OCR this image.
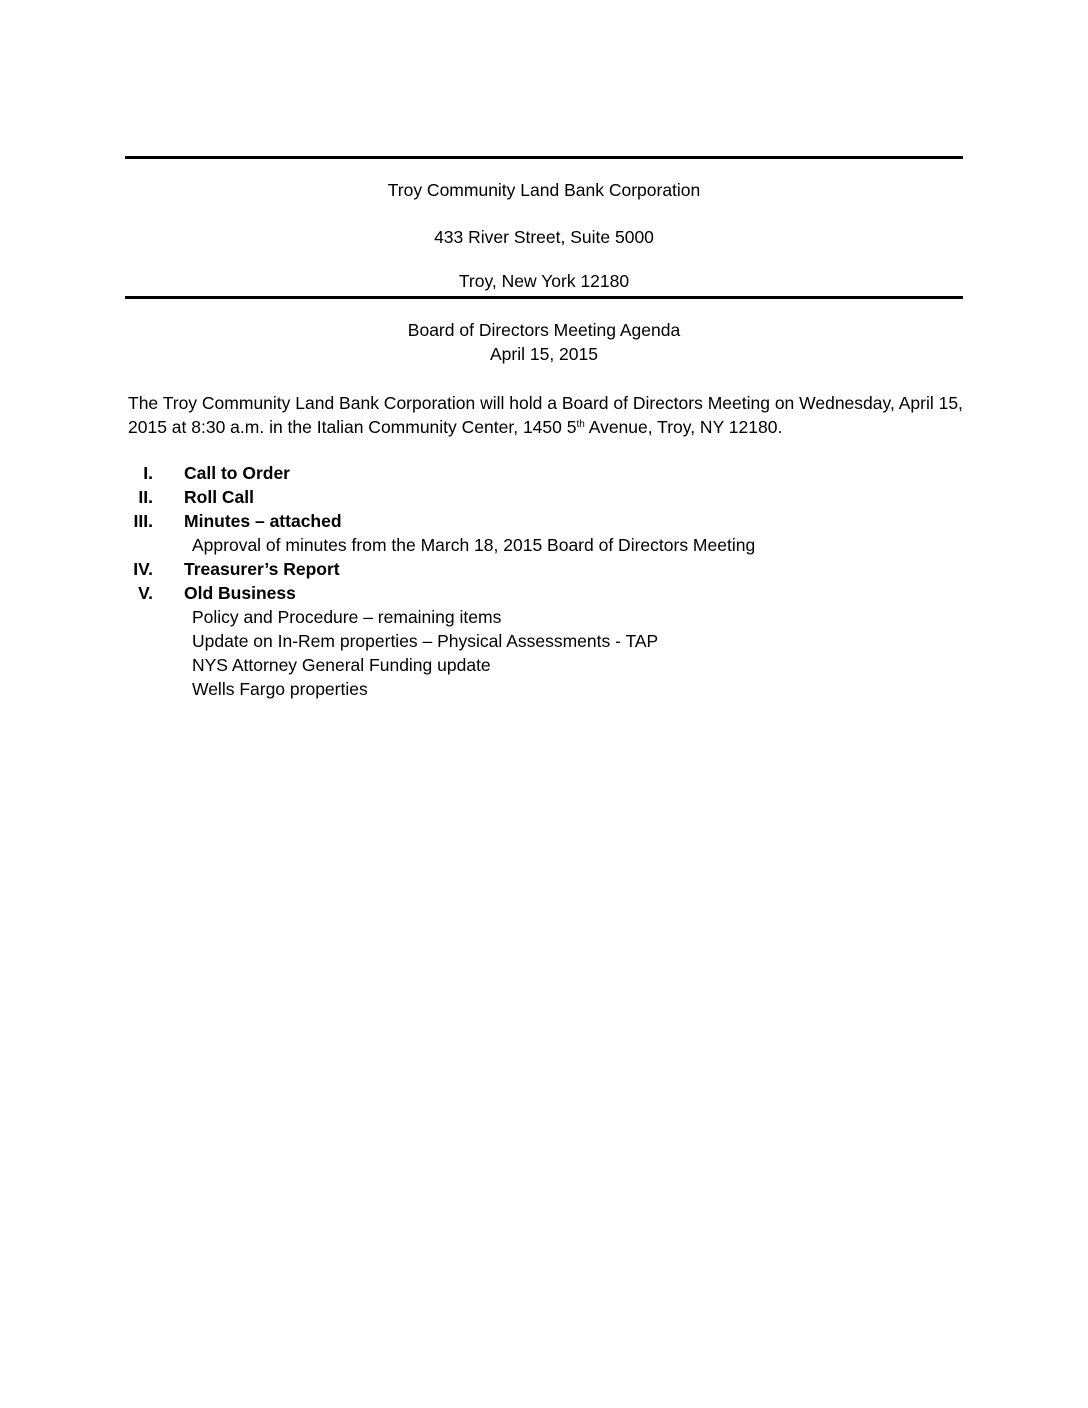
Troy Community Land Bank Corporation
433 River Street, Suite 5000
Troy, New York 12180
Board of Directors Meeting Agenda
April 15, 2015
The Troy Community Land Bank Corporation will hold a Board of Directors Meeting on Wednesday, April 15, 2015 at 8:30 a.m. in the Italian Community Center, 1450 5th Avenue, Troy, NY 12180.
I. Call to Order
II. Roll Call
III. Minutes – attached
Approval of minutes from the March 18, 2015 Board of Directors Meeting
IV. Treasurer’s Report
V. Old Business
Policy and Procedure – remaining items
Update on In-Rem properties – Physical Assessments - TAP
NYS Attorney General Funding update
Wells Fargo properties
